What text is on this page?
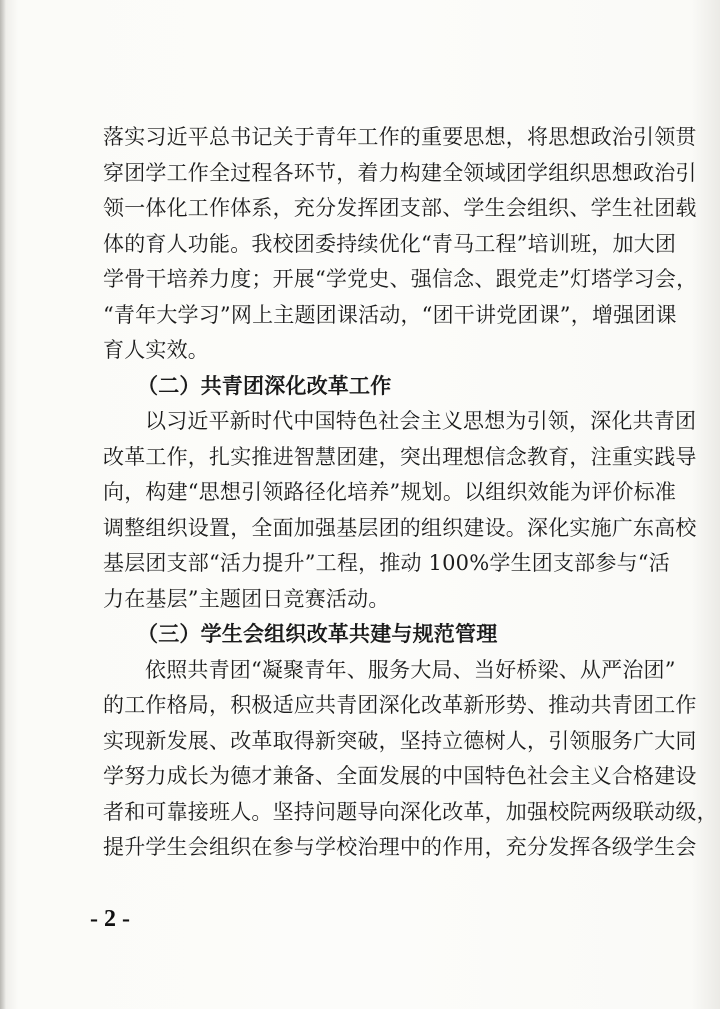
落实习近平总书记关于青年工作的重要思想，将思想政治引领贯
穿团学工作全过程各环节，着力构建全领域团学组织思想政治引
领一体化工作体系，充分发挥团支部、学生会组织、学生社团载
体的育人功能。我校团委持续优化“青马工程”培训班，加大团
学骨干培养力度；开展“学党史、强信念、跟党走”灯塔学习会，
“青年大学习”网上主题团课活动，“团干讲党团课”，增强团课
育人实效。
（二）共青团深化改革工作
以习近平新时代中国特色社会主义思想为引领，深化共青团
改革工作，扎实推进智慧团建，突出理想信念教育，注重实践导
向，构建“思想引领路径化培养”规划。以组织效能为评价标准
调整组织设置，全面加强基层团的组织建设。深化实施广东高校
基层团支部“活力提升”工程，推动 100%学生团支部参与“活
力在基层”主题团日竞赛活动。
（三）学生会组织改革共建与规范管理
依照共青团“凝聚青年、服务大局、当好桥梁、从严治团”
的工作格局，积极适应共青团深化改革新形势、推动共青团工作
实现新发展、改革取得新突破，坚持立德树人，引领服务广大同
学努力成长为德才兼备、全面发展的中国特色社会主义合格建设
者和可靠接班人。坚持问题导向深化改革，加强校院两级联动级，
提升学生会组织在参与学校治理中的作用，充分发挥各级学生会
- 2 -
